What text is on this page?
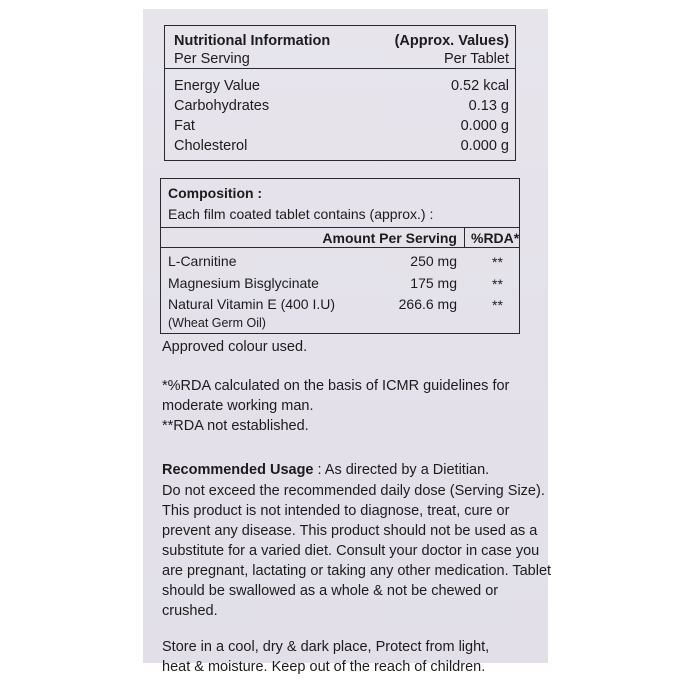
Nutritional Information	(Approx. Values)
Per Serving	Per Tablet
Energy Value	0.52 kcal
Carbohydrates	0.13 g
Fat	0.000 g
Cholesterol	0.000 g
Composition :
Each film coated tablet contains (approx.) :
Amount Per Serving %RDA*
L-Carnitine	250 mg	**
Magnesium Bisglycinate	175 mg	**
Natural Vitamin E (400 I.U)	266.6 mg	**
(Wheat Germ Oil)
Approved colour used.
*%RDA calculated on the basis of ICMR guidelines for
moderate working man.
**RDA not established.
Recommended Usage : As directed by a Dietitian.
Do not exceed the recommended daily dose (Serving Size).
This product is not intended to diagnose, treat, cure or
prevent any disease. This product should not be used as a
substitute for a varied diet. Consult your doctor in case you
are pregnant, lactating or taking any other medication. Tablet
should be swallowed as a whole & not be chewed or
crushed.
Store in a cool, dry & dark place, Protect from light,
heat & moisture. Keep out of the reach of children.
